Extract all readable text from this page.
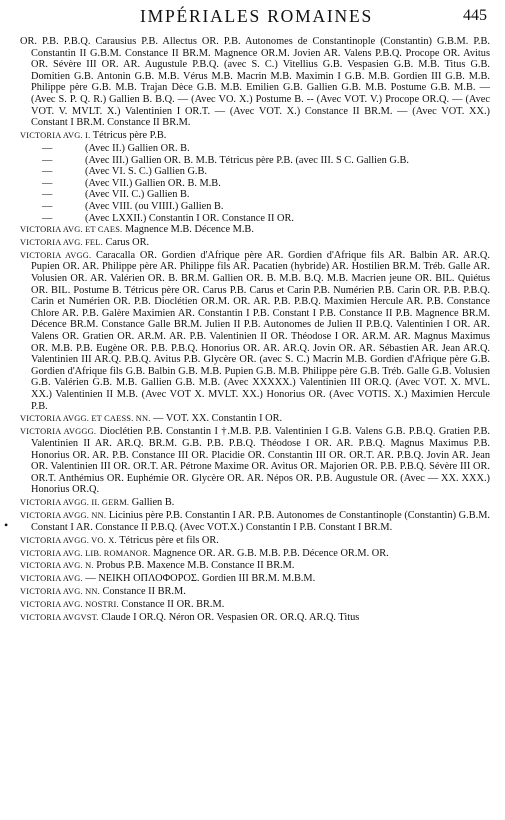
IMPÉRIALES ROMAINES	445
•
OR. P.B. P.B.Q. Carausius P.B. Allectus OR. P.B. Autonomes de Constantinople (Constantin) G.B.M. P.B. Constantin II G.B.M. Constance II BR.M. Magnence OR.M. Jovien AR. Valens P.B.Q. Procope OR. Avitus OR. Sévère III OR. AR. Augustule P.B.Q. (avec S. C.) Vitellius G.B. Vespasien G.B. M.B. Titus G.B. Domitien G.B. Antonin G.B. M.B. Vérus M.B. Macrin M.B. Maximin I G.B. M.B. Gordien III G.B. M.B. Philippe père G.B. M.B. Trajan Dèce G.B. M.B. Emilien G.B. Gallien G.B. M.B. Postume G.B. M.B. — (Avec S. P. Q. R.) Gallien B. B.Q. — (Avec VO. X.) Postume B. -- (Avec VOT. V.) Procope OR.Q. — (Avec VOT. V. MVLT. X.) Valentinien I OR.T. — (Avec VOT. X.) Constance II BR.M. — (Avec VOT. XX.) Constant I BR.M. Constance II BR.M.
VICTORIA AVG. I. Tétricus père P.B.
—	(Avec II.) Gallien OR. B.
—	(Avec III.) Gallien OR. B. M.B. Tétricus père P.B. (avec III. S C. Gallien G.B.
—	(Avec VI. S. C.) Gallien G.B.
—	(Avec VII.) Gallien OR. B. M.B.
—	(Avec VII. C.) Gallien B.
—	(Avec VIII. (ou VIIII.) Gallien B.
—	(Avec LXXII.) Constantin I OR. Constance II OR.
VICTORIA AVG. ET CAES. Magnence M.B. Décence M.B.
VICTORIA AVG. FEL. Carus OR.
VICTORIA AVGG. Caracalla OR. Gordien d'Afrique père AR. Gordien d'Afrique fils AR. Balbin AR. AR.Q. Pupien OR. AR. Philippe père AR. Philippe fils AR. Pacatien (hybride) AR. Hostilien BR.M. Tréb. Galle AR. Volusien OR. AR. Valérien OR. B. BR.M. Gallien OR. B. M.B. B.Q. M.B. Macrien jeune OR. BIL. Quiétus OR. BIL. Postume B. Tétricus père OR. Carus P.B. Carus et Carin P.B. Numérien P.B. Carin OR. P.B. P.B.Q. Carin et Numérien OR. P.B. Dioclétien OR.M. OR. AR. P.B. P.B.Q. Maximien Hercule AR. P.B. Constance Chlore AR. P.B. Galère Maximien AR. Constantin I P.B. Constant I P.B. Constance II P.B. Magnence BR.M. Décence BR.M. Constance Galle BR.M. Julien II P.B. Autonomes de Julien II P.B.Q. Valentinien I OR. AR. Valens OR. Gratien OR. AR.M. AR. P.B. Valentinien II OR. Théodose I OR. AR.M. AR. Magnus Maximus OR. M.B. P.B. Eugène OR. P.B. P.B.Q. Honorius OR. AR. AR.Q. Jovin OR. AR. Sébastien AR. Jean AR.Q. Valentinien III AR.Q. P.B.Q. Avitus P.B. Glycère OR. (avec S. C.) Macrin M.B. Gordien d'Afrique père G.B. Gordien d'Afrique fils G.B. Balbin G.B. M.B. Pupien G.B. M.B. Philippe père G.B. Tréb. Galle G.B. Volusien G.B. Valérien G.B. M.B. Gallien G.B. M.B. (Avec XXXXX.) Valentinien III OR.Q. (Avec VOT. X. MVL. XX.) Valentinien II M.B. (Avec VOT X. MVLT. XX.) Honorius OR. (Avec VOTIS. X.) Maximien Hercule P.B.
VICTORIA AVGG. ET CAESS. NN. — VOT. XX. Constantin I OR.
VICTORIA AVGGG. Dioclétien P.B. Constantin I †.M.B. P.B. Valentinien I G.B. Valens G.B. P.B.Q. Gratien P.B. Valentinien II AR. AR.Q. BR.M. G.B. P.B. P.B.Q. Théodose I OR. AR. P.B.Q. Magnus Maximus P.B. Honorius OR. AR. P.B. Constance III OR. Placidie OR. Constantin III OR. OR.T. AR. P.B.Q. Jovin AR. Jean OR. Valentinien III OR. OR.T. AR. Pétrone Maxime OR. Avitus OR. Majorien OR. P.B. P.B.Q. Sévère III OR. OR.T. Anthémius OR. Euphémie OR. Glycère OR. AR. Népos OR. P.B. Augustule OR. (Avec — XX. XXX.) Honorius OR.Q.
VICTORIA AVGG. II. GERM. Gallien B.
VICTORIA AVGG. NN. Licinius père P.B. Constantin I AR. P.B. Autonomes de Constantinople (Constantin) G.B.M. Constant I AR. Constance II P.B.Q. (Avec VOT.X.) Constantin I P.B. Constant I BR.M.
VICTORIA AVGG. VO. X. Tétricus père et fils OR.
VICTORIA AVG. LIB. ROMANOR. Magnence OR. AR. G.B. M.B. P.B. Décence OR.M. OR.
VICTORIA AVG. N. Probus P.B. Maxence M.B. Constance II BR.M.
VICTORIA AVG. — ΝΕΙΚΗ ΟΠΛΟΦΟΡΟΣ. Gordien III BR.M. M.B.M.
VICTORIA AVG. NN. Constance II BR.M.
VICTORIA AVG. NOSTRI. Constance II OR. BR.M.
VICTORIA AVGVST. Claude I OR.Q. Néron OR. Vespasien OR. OR.Q. AR.Q. Titus
